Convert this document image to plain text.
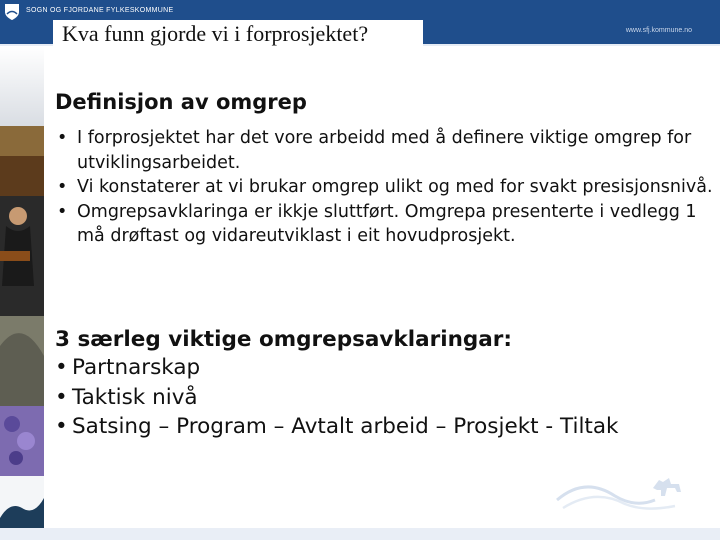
SOGN OG FJORDANE FYLKESKOMMUNE
www.sfj.kommune.no
Kva funn gjorde vi i forprosjektet?
Definisjon av omgrep
• I forprosjektet har det vore arbeidd med å definere viktige omgrep for utviklingsarbeidet.
• Vi konstaterer at vi brukar omgrep ulikt og med for svakt presisjonsnivå.
• Omgrepsavklaringa er ikkje sluttført. Omgrepa presenterte i vedlegg 1 må drøftast og vidareutviklast i eit hovudprosjekt.
3 særleg viktige omgrepsavklaringar:
• Partnarskap
• Taktisk nivå
• Satsing – Program – Avtalt arbeid – Prosjekt - Tiltak
